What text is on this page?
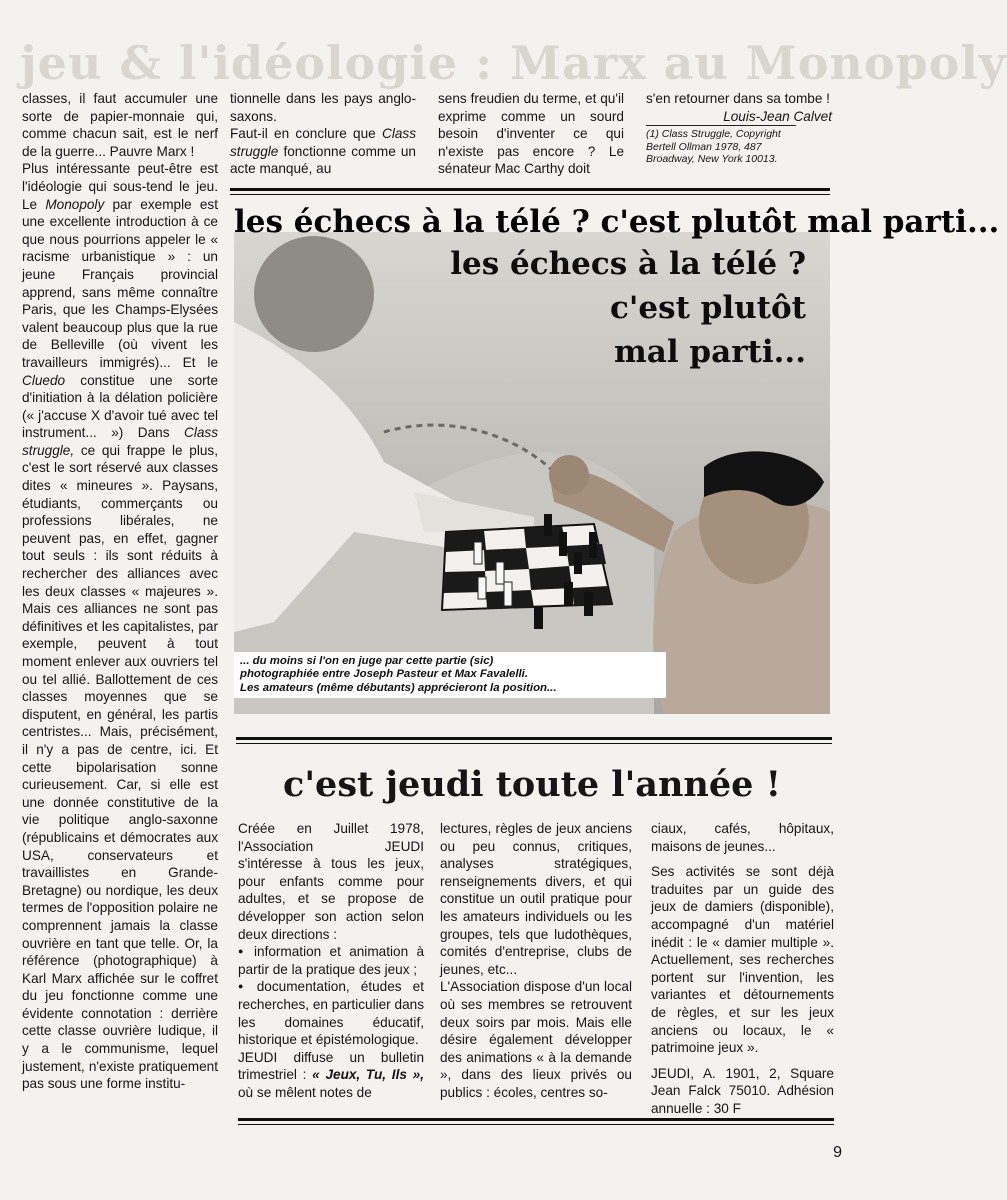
jeu & l'idéologie : Marx au Monopoly

classes, il faut accumuler une sorte de papier-monnaie qui, comme chacun sait, est le nerf de la guerre... Pauvre Marx !

Plus intéressante peut-être est l'idéologie qui sous-tend le jeu. Le Monopoly par exemple est une excellente introduction à ce que nous pourrions appeler le « racisme urbanistique » : un jeune Français provincial apprend, sans même connaître Paris, que les Champs-Elysées valent beaucoup plus que la rue de Belleville (où vivent les travailleurs immigrés)... Et le Cluedo constitue une sorte d'initiation à la délation policière (« j'accuse X d'avoir tué avec tel instrument... ») Dans Class struggle, ce qui frappe le plus, c'est le sort réservé aux classes dites « mineures ». Paysans, étudiants, commerçants ou professions libérales, ne peuvent pas, en effet, gagner tout seuls : ils sont réduits à rechercher des alliances avec les deux classes « majeures ». Mais ces alliances ne sont pas définitives et les capitalistes, par exemple, peuvent à tout moment enlever aux ouvriers tel ou tel allié. Ballottement de ces classes moyennes que se disputent, en général, les partis centristes... Mais, précisément, il n'y a pas de centre, ici. Et cette bipolarisation sonne curieusement. Car, si elle est une donnée constitutive de la vie politique anglo-saxonne (républicains et démocrates aux USA, conservateurs et travaillistes en Grande-Bretagne) ou nordique, les deux termes de l'opposition polaire ne comprennent jamais la classe ouvrière en tant que telle. Or, la référence (photographique) à Karl Marx affichée sur le coffret du jeu fonctionne comme une évidente connotation : derrière cette classe ouvrière ludique, il y a le communisme, lequel justement, n'existe pratiquement pas sous une forme institu-

tionnelle dans les pays anglo-saxons.

Faut-il en conclure que Class struggle fonctionne comme un acte manqué, au

sens freudien du terme, et qu'il exprime comme un sourd besoin d'inventer ce qui n'existe pas encore ? Le sénateur Mac Carthy doit

s'en retourner dans sa tombe !

Louis-Jean Calvet

(1) Class Struggle, Copyright Bertell Ollman 1978, 487 Broadway, New York 10013.

les échecs à la télé ? c'est plutôt mal parti...
les échecs à la télé ?
c'est plutôt
mal parti...
... du moins si l'on en juge par cette partie (sic)
photographiée entre Joseph Pasteur et Max Favalelli.
Les amateurs (même débutants) apprécieront la position...
c'est jeudi toute l'année !

Créée en Juillet 1978, l'Association JEUDI s'intéresse à tous les jeux, pour enfants comme pour adultes, et se propose de développer son action selon deux directions :

● information et animation à partir de la pratique des jeux ;

● documentation, études et recherches, en particulier dans les domaines éducatif, historique et épistémologique.

JEUDI diffuse un bulletin trimestriel : « Jeux, Tu, Ils », où se mêlent notes de

lectures, règles de jeux anciens ou peu connus, critiques, analyses stratégiques, renseignements divers, et qui constitue un outil pratique pour les amateurs individuels ou les groupes, tels que ludothèques, comités d'entreprise, clubs de jeunes, etc...

L'Association dispose d'un local où ses membres se retrouvent deux soirs par mois. Mais elle désire également développer des animations « à la demande », dans des lieux privés ou publics : écoles, centres so-

ciaux, cafés, hôpitaux, maisons de jeunes...

Ses activités se sont déjà traduites par un guide des jeux de damiers (disponible), accompagné d'un matériel inédit : le « damier multiple ». Actuellement, ses recherches portent sur l'invention, les variantes et détournements de règles, et sur les jeux anciens ou locaux, le « patrimoine jeux ».

JEUDI, A. 1901, 2, Square Jean Falck 75010. Adhésion annuelle : 30 F

9
